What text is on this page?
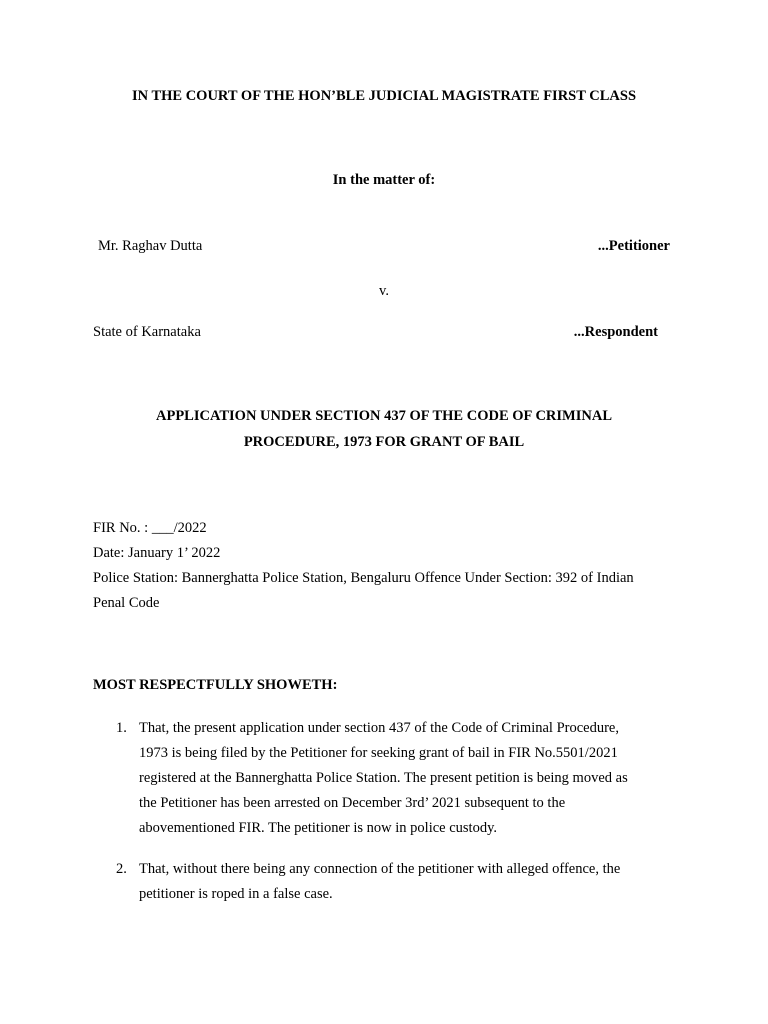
IN THE COURT OF THE HON’BLE JUDICIAL MAGISTRATE FIRST CLASS
In the matter of:
Mr. Raghav Dutta	...Petitioner
v.
State of Karnataka	...Respondent
APPLICATION UNDER SECTION 437 OF THE CODE OF CRIMINAL
PROCEDURE, 1973 FOR GRANT OF BAIL
FIR No. : ___/2022
Date: January 1’ 2022
Police Station: Bannerghatta Police Station, Bengaluru Offence Under Section: 392 of Indian
Penal Code
MOST RESPECTFULLY SHOWETH:
1. That, the present application under section 437 of the Code of Criminal Procedure,
1973 is being filed by the Petitioner for seeking grant of bail in FIR No.5501/2021
registered at the Bannerghatta Police Station. The present petition is being moved as
the Petitioner has been arrested on December 3rd’ 2021 subsequent to the
abovementioned FIR. The petitioner is now in police custody.
2. That, without there being any connection of the petitioner with alleged offence, the
petitioner is roped in a false case.
